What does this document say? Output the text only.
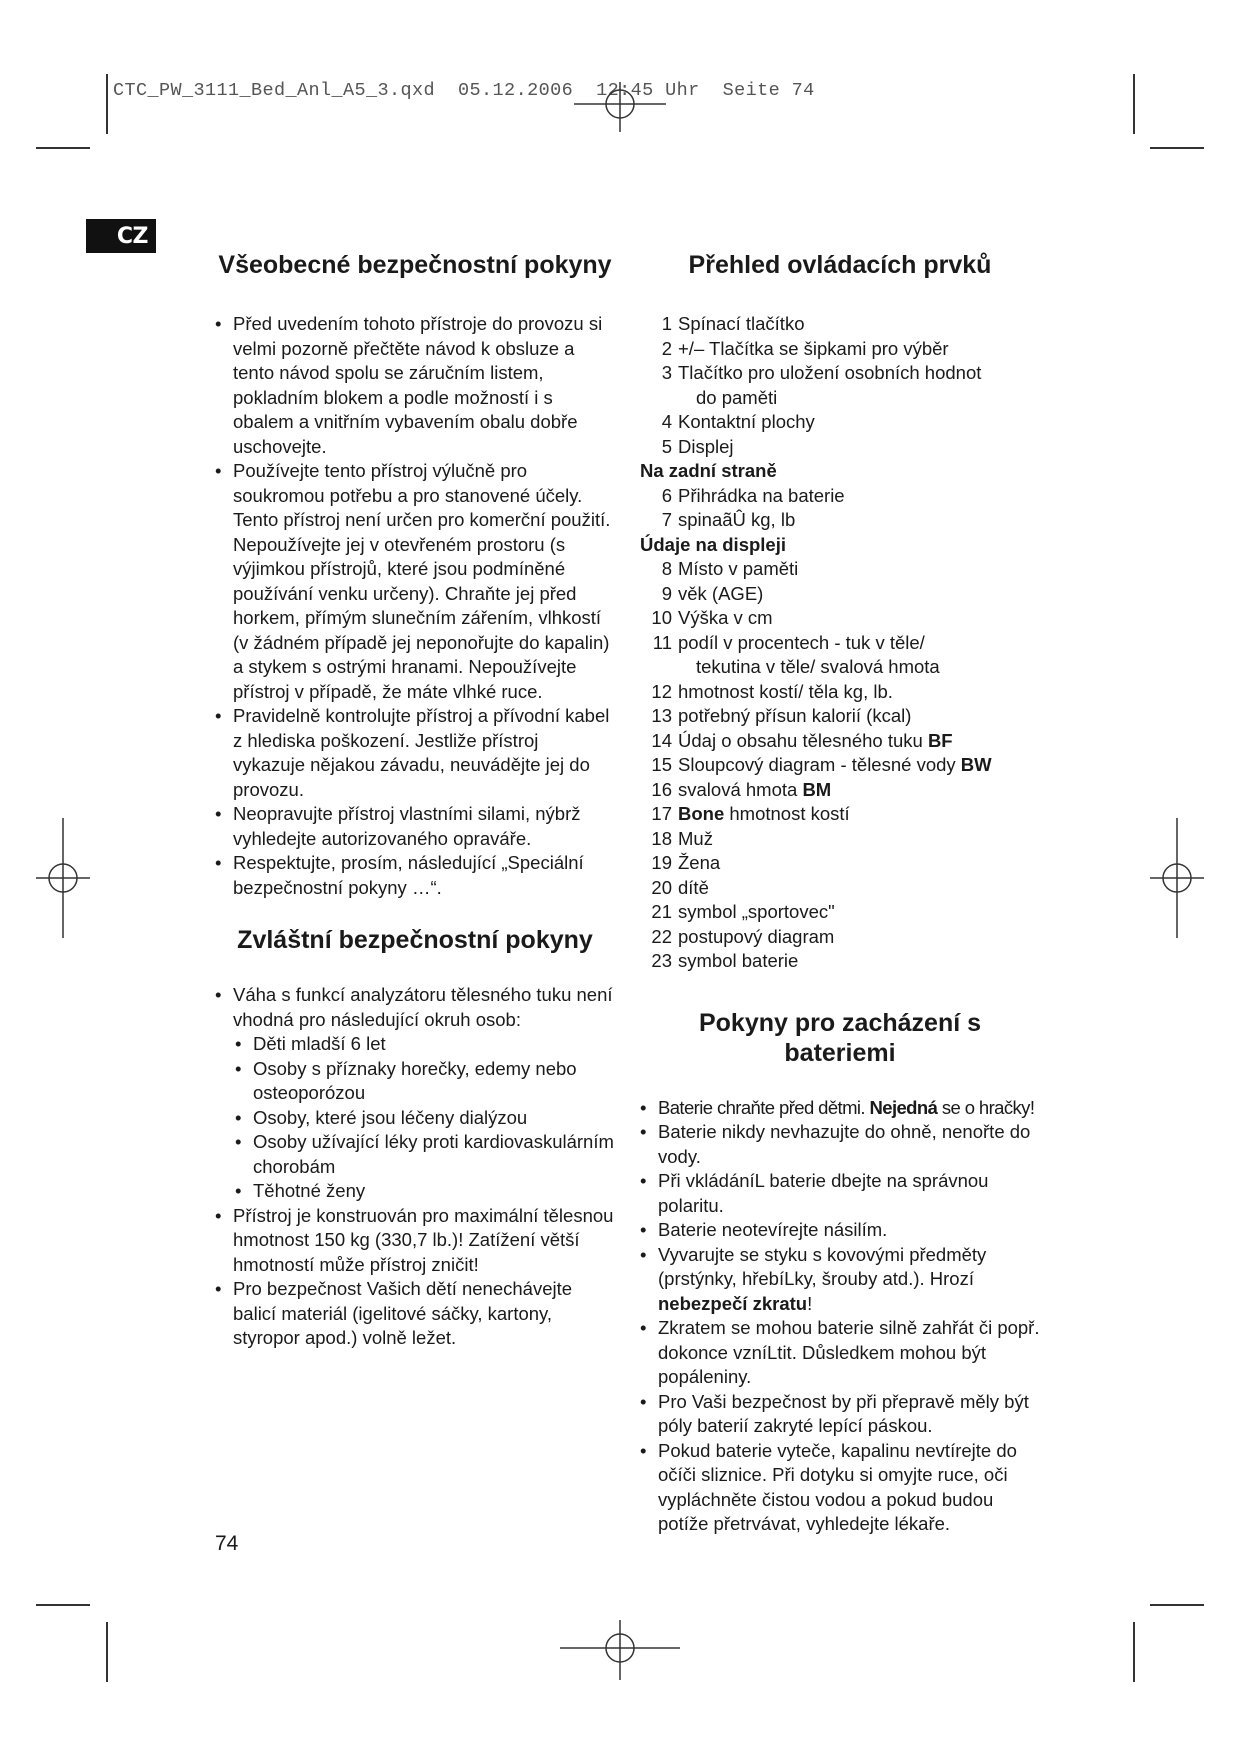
CTC_PW_3111_Bed_Anl_A5_3.qxd  05.12.2006  12:45 Uhr  Seite 74
CZ
Všeobecné bezpečnostní pokyny
• Před uvedením tohoto přístroje do provozu si velmi pozorně přečtěte návod k obsluze a tento návod spolu se záručním listem, pokladním blokem a podle možností i s obalem a vnitřním vybavením obalu dobře uschovejte.
• Používejte tento přístroj výlučně pro soukromou potřebu a pro stanovené účely. Tento přístroj není určen pro komerční použití. Nepoužívejte jej v otevřeném prostoru (s výjimkou přístrojů, které jsou podmíněné používání venku určeny). Chraňte jej před horkem, přímým slunečním zářením, vlhkostí (v žádném případě jej neponořujte do kapalin) a stykem s ostrými hranami. Nepoužívejte přístroj v případě, že máte vlhké ruce.
• Pravidelně kontrolujte přístroj a přívodní kabel z hlediska poškození. Jestliže přístroj vykazuje nějakou závadu, neuvádějte jej do provozu.
• Neopravujte přístroj vlastními silami, nýbrž vyhledejte autorizovaného opraváře.
• Respektujte, prosím, následující „Speciální bezpečnostní pokyny …“.
Zvláštní bezpečnostní pokyny
• Váha s funkcí analyzátoru tělesného tuku není vhodná pro následující okruh osob:
• Děti mladší 6 let
• Osoby s příznaky horečky, edemy nebo osteoporózou
• Osoby, které jsou léčeny dialýzou
• Osoby užívající léky proti kardiovaskulárním chorobám
• Těhotné ženy
• Přístroj je konstruován pro maximální tělesnou hmotnost 150 kg (330,7 lb.)! Zatížení větší hmotností může přístroj zničit!
• Pro bezpečnost Vašich dětí nenechávejte balicí materiál (igelitové sáčky, kartony, styropor apod.) volně ležet.
Přehled ovládacích prvků
1 Spínací tlačítko
2 +/– Tlačítka se šipkami pro výběr
3 Tlačítko pro uložení osobních hodnot
do paměti
4 Kontaktní plochy
5 Displej
Na zadní straně
6 Přihrádka na baterie
7 spinaãÛ kg, lb
Údaje na displeji
8 Místo v paměti
9 věk (AGE)
10 Výška v cm
11 podíl v procentech - tuk v těle/
tekutina v těle/ svalová hmota
12 hmotnost kostí/ těla kg, lb.
13 potřebný přísun kalorií (kcal)
14 Údaj o obsahu tělesného tuku BF
15 Sloupcový diagram - tělesné vody BW
16 svalová hmota BM
17 Bone hmotnost kostí
18 Muž
19 Žena
20 dítě
21 symbol „sportovec"
22 postupový diagram
23 symbol baterie
Pokyny pro zacházení s bateriemi
• Baterie chraňte před dětmi. Nejedná se o hračky!
• Baterie nikdy nevhazujte do ohně, nenořte do vody.
• Při vkládáníL baterie dbejte na správnou polaritu.
• Baterie neotevírejte násilím.
• Vyvarujte se styku s kovovými předměty (prstýnky, hřebíLky, šrouby atd.). Hrozí nebezpečí zkratu!
• Zkratem se mohou baterie silně zahřát či popř. dokonce vzníLtit. Důsledkem mohou být popáleniny.
• Pro Vaši bezpečnost by při přepravě měly být póly baterií zakryté lepící páskou.
• Pokud baterie vyteče, kapalinu nevtírejte do očíči sliznice. Při dotyku si omyjte ruce, oči vypláchněte čistou vodou a pokud budou potíže přetrvávat, vyhledejte lékaře.
74
